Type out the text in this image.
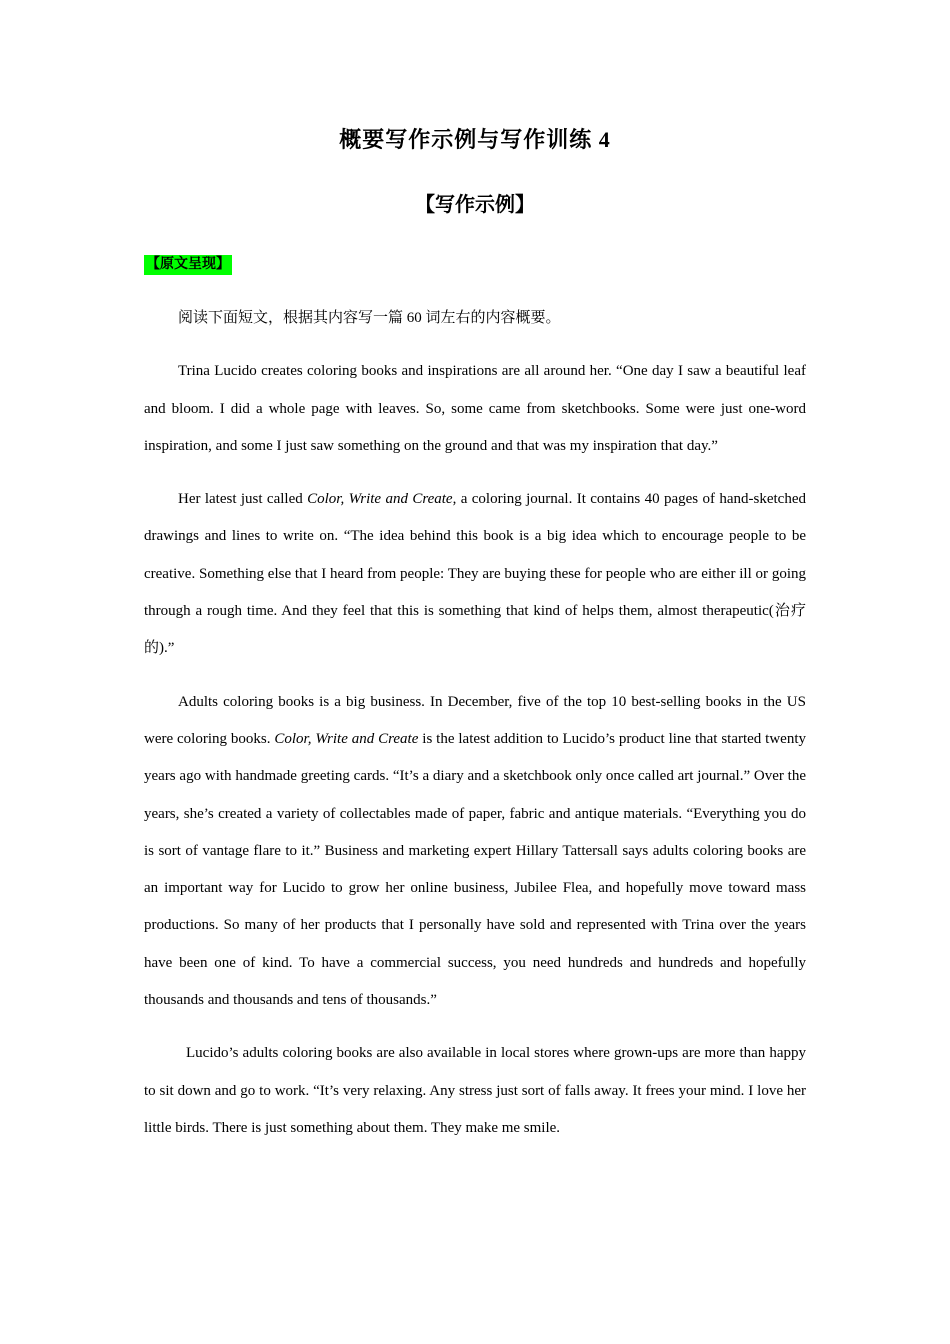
概要写作示例与写作训练 4
【写作示例】
【原文呈现】

阅读下面短文，根据其内容写一篇 60 词左右的内容概要。

Trina Lucido creates coloring books and inspirations are all around her. “One day I saw a beautiful leaf and bloom. I did a whole page with leaves. So, some came from sketchbooks. Some were just one-word inspiration, and some I just saw something on the ground and that was my inspiration that day.”

Her latest just called Color, Write and Create, a coloring journal. It contains 40 pages of hand-sketched drawings and lines to write on. “The idea behind this book is a big idea which to encourage people to be creative. Something else that I heard from people: They are buying these for people who are either ill or going through a rough time. And they feel that this is something that kind of helps them, almost therapeutic(治疗的).”

Adults coloring books is a big business. In December, five of the top 10 best-selling books in the US were coloring books. Color, Write and Create is the latest addition to Lucido’s product line that started twenty years ago with handmade greeting cards. “It’s a diary and a sketchbook only once called art journal.” Over the years, she’s created a variety of collectables made of paper, fabric and antique materials. “Everything you do is sort of vantage flare to it.” Business and marketing expert Hillary Tattersall says adults coloring books are an important way for Lucido to grow her online business, Jubilee Flea, and hopefully move toward mass productions. So many of her products that I personally have sold and represented with Trina over the years have been one of kind. To have a commercial success, you need hundreds and hundreds and hopefully thousands and thousands and tens of thousands.”

Lucido’s adults coloring books are also available in local stores where grown-ups are more than happy to sit down and go to work. “It’s very relaxing. Any stress just sort of falls away. It frees your mind. I love her little birds. There is just something about them. They make me smile.
